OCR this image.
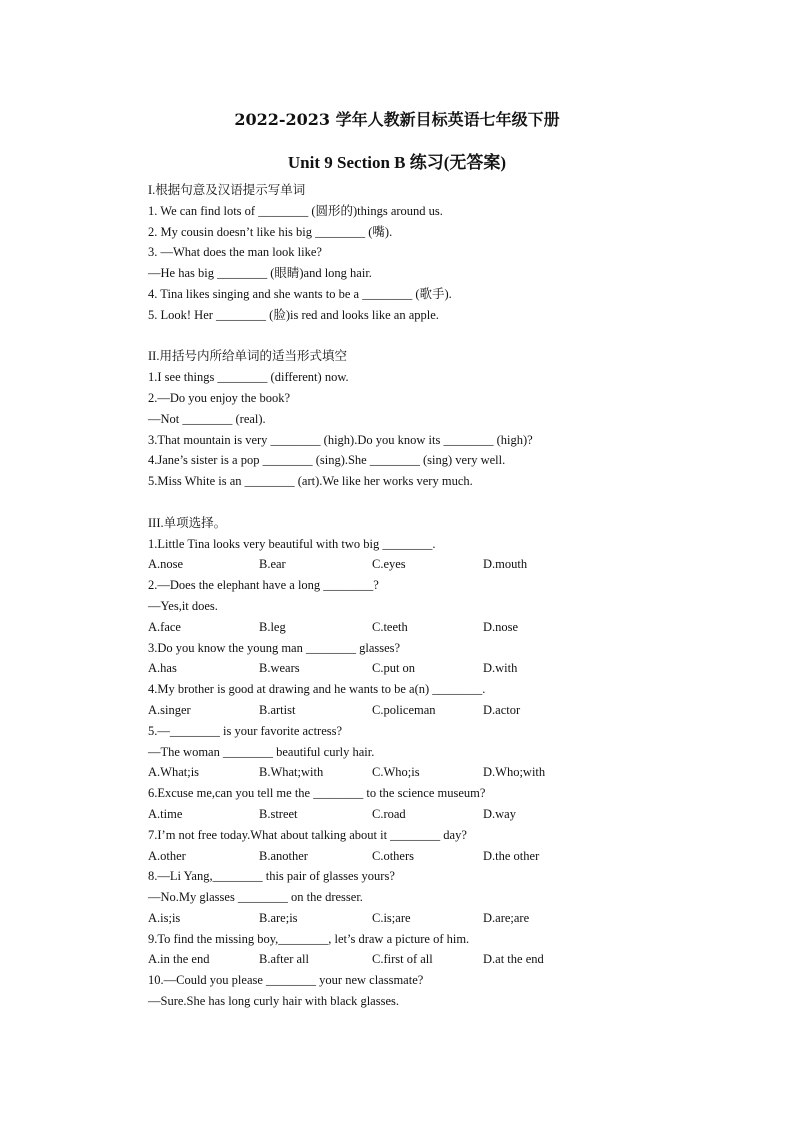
2022-2023 学年人教新目标英语七年级下册
Unit 9 Section B 练习(无答案)
I.根据句意及汉语提示写单词
1. We can find lots of ________ (圆形的)things around us.
2. My cousin doesn’t like his big ________ (嘴).
3. —What does the man look like?
—He has big ________ (眼睛)and long hair.
4. Tina likes singing and she wants to be a ________ (歌手).
5. Look! Her ________ (脸)is red and looks like an apple.
II.用括号内所给单词的适当形式填空
1.I see things ________ (different) now.
2.—Do you enjoy the book?
—Not ________ (real).
3.That mountain is very ________ (high).Do you know its ________ (high)?
4.Jane’s sister is a pop ________ (sing).She ________ (sing) very well.
5.Miss White is an ________ (art).We like her works very much.
III.单项选择。
1.Little Tina looks very beautiful with two big ________.
A.nose	B.ear	C.eyes	D.mouth
2.—Does the elephant have a long ________?
—Yes,it does.
A.face	B.leg	C.teeth	D.nose
3.Do you know the young man ________ glasses?
A.has	B.wears	C.put on	D.with
4.My brother is good at drawing and he wants to be a(n) ________.
A.singer	B.artist	C.policeman	D.actor
5.—________ is your favorite actress?
—The woman ________ beautiful curly hair.
A.What;is	B.What;with	C.Who;is	D.Who;with
6.Excuse me,can you tell me the ________ to the science museum?
A.time	B.street	C.road	D.way
7.I’m not free today.What about talking about it ________ day?
A.other	B.another	C.others	D.the other
8.—Li Yang,________ this pair of glasses yours?
—No.My glasses ________ on the dresser.
A.is;is	B.are;is	C.is;are	D.are;are
9.To find the missing boy,________, let’s draw a picture of him.
A.in the end	B.after all	C.first of all	D.at the end
10.—Could you please ________ your new classmate?
—Sure.She has long curly hair with black glasses.
